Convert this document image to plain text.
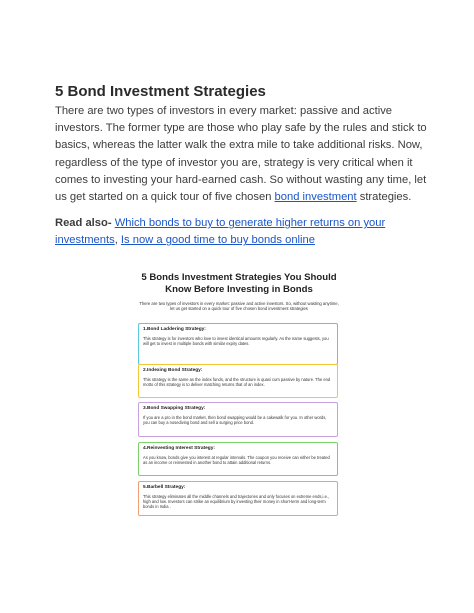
5 Bond Investment Strategies

There are two types of investors in every market: passive and active investors. The former type are those who play safe by the rules and stick to basics, whereas the latter walk the extra mile to take additional risks. Now, regardless of the type of investor you are, strategy is very critical when it comes to investing your hard-earned cash. So without wasting any time, let us get started on a quick tour of five chosen bond investment strategies.

Read also- Which bonds to buy to generate higher returns on your investments, Is now a good time to buy bonds online

5 Bonds Investment Strategies You Should Know Before Investing in Bonds
There are two types of investors in every market: passive and active investors. So, without wasting anytime, let us get started on a quick tour of five chosen bond investment strategies
1.Bond Laddering Strategy:
This strategy is for investors who love to invest identical amounts regularly. As the name suggests, you will get to invest in multiple bonds with similar expiry dates.
2.Indexing Bond Strategy:
This strategy is the same as the index funds, and the structure is quasi cum passive by nature. The end motto of this strategy is to deliver matching returns that of an index.
3.Bond Swapping Strategy:
If you are a pro in the bond market, then bond swapping would be a cakewalk for you. In other words, you can buy a nosediving bond and sell a surging price bond.
4.Reinvesting Interest Strategy:
As you know, bonds give you interest at regular intervals. The coupon you receive can either be treated as an income or reinvested in another bond to attain additional returns.
5.Barbell Strategy:
This strategy eliminates all the middle channels and trajectories and only focuses on extreme ends,i.e., high and low. Investors can strike an equilibrium by investing their money in short-term and long-term bonds in India .
